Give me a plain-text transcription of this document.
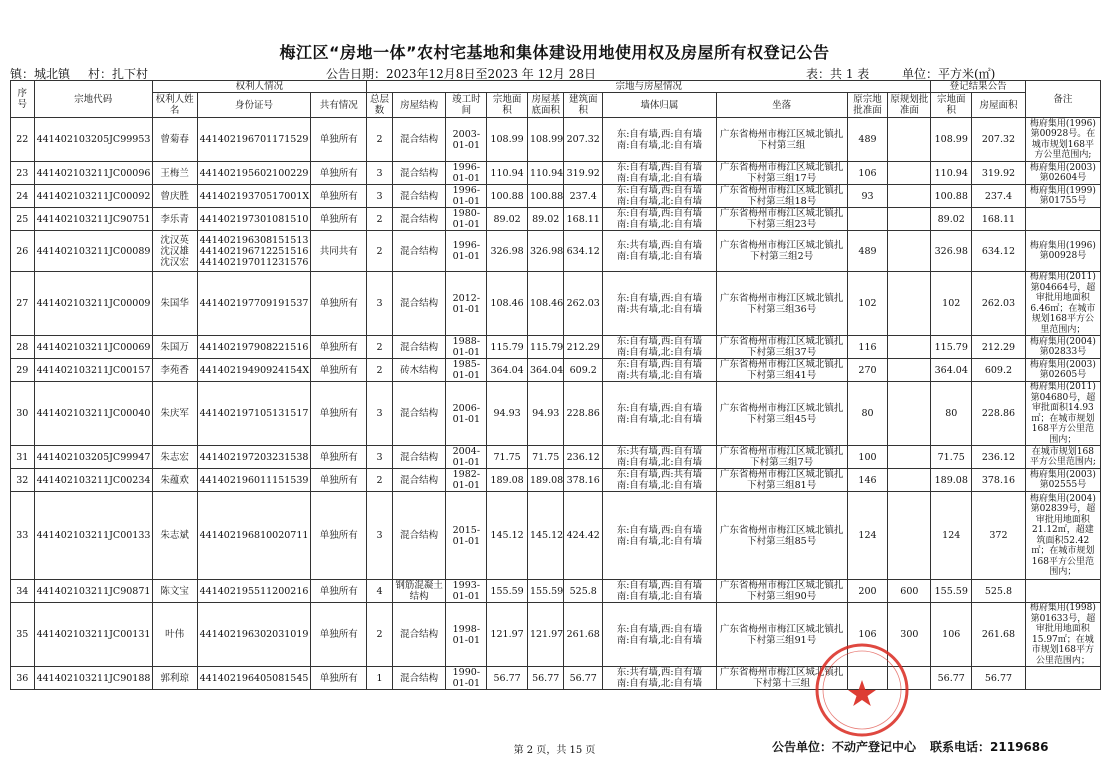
梅江区“房地一体”农村宅基地和集体建设用地使用权及房屋所有权登记公告
镇：城北镇 村：扎下村	公告日期：2023年12月8日至2023 年 12月 28日	表：共 1 表	单位：平方米(㎡)
序号	宗地代码	权利人情况			宗地与房屋情况										登记结果公告		备注
		权利人姓名	身份证号	共有情况	总层数	房屋结构	竣工时间	宗地面积	房屋基底面积	建筑面积	墙体归属	坐落	原宗地批准面	原规划批准面	宗地面积	房屋面积	
22	441402103205JC99953	曾菊春	441402196701171529	单独所有	2	混合结构	2003-01-01	108.99	108.99	207.32	东:自有墙,西:自有墙
南:自有墙,北:自有墙	广东省梅州市梅江区城北镇扎下村第三组	489		108.99	207.32	梅府集用(1996)第00928号。在城市规划168平方公里范围内;
23	441402103211JC00096	王梅兰	441402195602100229	单独所有	3	混合结构	1996-01-01	110.94	110.94	319.92	东:自有墙,西:自有墙
南:自有墙,北:自有墙	广东省梅州市梅江区城北镇扎下村第三组17号	106		110.94	319.92	梅府集用(2003)第02604号
24	441402103211JC00092	曾庆胜	44140219370517001X	单独所有	3	混合结构	1996-01-01	100.88	100.88	237.4	东:自有墙,西:自有墙
南:自有墙,北:自有墙	广东省梅州市梅江区城北镇扎下村第三组18号	93		100.88	237.4	梅府集用(1999)第01755号
25	441402103211JC90751	李乐青	441402197301081510	单独所有	2	混合结构	1980-01-01	89.02	89.02	168.11	东:自有墙,西:自有墙
南:自有墙,北:自有墙	广东省梅州市梅江区城北镇扎下村第三组23号			89.02	168.11	
26	441402103211JC00089	沈汉英
沈汉雄
沈汉宏	441402196308151513
441402196712251516
441402197011231576	共同共有	2	混合结构	1996-01-01	326.98	326.98	634.12	东:共有墙,西:自有墙
南:自有墙,北:自有墙	广东省梅州市梅江区城北镇扎下村第三组2号	489		326.98	634.12	梅府集用(1996)第00928号
27	441402103211JC00009	朱国华	441402197709191537	单独所有	3	混合结构	2012-01-01	108.46	108.46	262.03	东:自有墙,西:自有墙
南:共有墙,北:自有墙	广东省梅州市梅江区城北镇扎下村第三组36号	102		102	262.03	梅府集用(2011)第04664号，超审批用地面积6.46㎡；在城市规划168平方公里范围内；
28	441402103211JC00069	朱国万	441402197908221516	单独所有	2	混合结构	1988-01-01	115.79	115.79	212.29	东:自有墙,西:自有墙
南:自有墙,北:自有墙	广东省梅州市梅江区城北镇扎下村第三组37号	116		115.79	212.29	梅府集用(2004)第02833号
29	441402103211JC00157	李苑香	44140219490924154X	单独所有	2	砖木结构	1985-01-01	364.04	364.04	609.2	东:自有墙,西:自有墙
南:共有墙,北:自有墙	广东省梅州市梅江区城北镇扎下村第三组41号	270		364.04	609.2	梅府集用(2003)第02605号
30	441402103211JC00040	朱庆军	441402197105131517	单独所有	3	混合结构	2006-01-01	94.93	94.93	228.86	东:自有墙,西:自有墙
南:自有墙,北:自有墙	广东省梅州市梅江区城北镇扎下村第三组45号	80		80	228.86	梅府集用(2011)第04680号，超审批面积14.93㎡；在城市规划168平方公里范围内；
31	441402103205JC99947	朱志宏	441402197203231538	单独所有	3	混合结构	2004-01-01	71.75	71.75	236.12	东:共有墙,西:自有墙
南:自有墙,北:自有墙	广东省梅州市梅江区城北镇扎下村第三组7号	100		71.75	236.12	在城市规划168平方公里范围内;
32	441402103211JC00234	朱蕴欢	441402196011151539	单独所有	2	混合结构	1982-01-01	189.08	189.08	378.16	东:自有墙,西:共有墙
南:自有墙,北:自有墙	广东省梅州市梅江区城北镇扎下村第三组81号	146		189.08	378.16	梅府集用(2003)第02555号
33	441402103211JC00133	朱志斌	441402196810020711	单独所有	3	混合结构	2015-01-01	145.12	145.12	424.42	东:自有墙,西:自有墙
南:自有墙,北:自有墙	广东省梅州市梅江区城北镇扎下村第三组85号	124		124	372	梅府集用(2004)第02839号，超审批用地面积21.12㎡，超建筑面积52.42㎡；在城市规划168平方公里范围内；
34	441402103211JC90871	陈文宝	441402195511200216	单独所有	4	钢筋混凝土结构	1993-01-01	155.59	155.59	525.8	东:自有墙,西:自有墙
南:自有墙,北:自有墙	广东省梅州市梅江区城北镇扎下村第三组90号	200	600	155.59	525.8	
35	441402103211JC00131	叶伟	441402196302031019	单独所有	2	混合结构	1998-01-01	121.97	121.97	261.68	东:自有墙,西:自有墙
南:自有墙,北:自有墙	广东省梅州市梅江区城北镇扎下村第三组91号	106	300	106	261.68	梅府集用(1998)第01633号，超审批用地面积15.97㎡；在城市规划168平方公里范围内；
36	441402103211JC90188	郭利琼	441402196405081545	单独所有	1	混合结构	1990-01-01	56.77	56.77	56.77	东:共有墙,西:自有墙
南:自有墙,北:自有墙	广东省梅州市梅江区城北镇扎下村第十三组			56.77	56.77	
第 2 页，共 15 页	公告单位：不动产登记中心 联系电话：2119686
